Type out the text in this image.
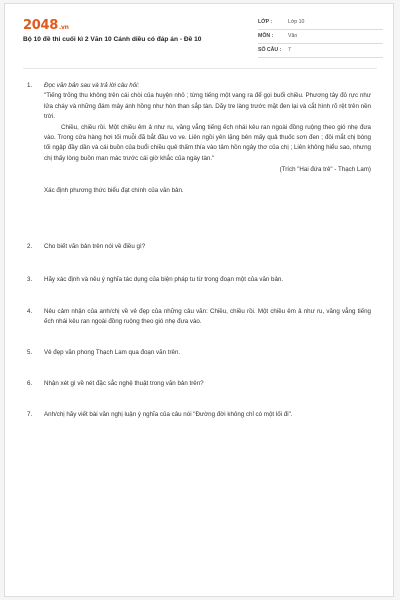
2048.vn
Bộ 10 đề thi cuối kì 2 Văn 10 Cánh diều có đáp án - Đề 10
LỚP :	Lớp 10
MÔN :	Văn
SỐ CÂU : 7
1. Đọc văn bản sau và trả lời câu hỏi:

"Tiếng trống thu không trên cái chòi của huyện nhỏ ; từng tiếng một vang ra để gọi buổi chiều. Phương tây đỏ rực như lửa cháy và những đám mây ánh hồng như hòn than sắp tàn. Dãy tre làng trước mặt đen lại và cắt hình rõ rệt trên nền trời.

Chiều, chiều rồi. Một chiều êm ả như ru, văng vẳng tiếng ếch nhái kêu ran ngoài đồng ruộng theo gió nhẹ đưa vào. Trong cửa hàng hơi tối muỗi đã bắt đầu vo ve. Liên ngồi yên lặng bên mấy quả thuốc sơn đen ; đôi mắt chị bóng tối ngập đầy dần và cái buồn của buổi chiều quê thấm thía vào tâm hồn ngây thơ của chị ; Liên không hiểu sao, nhưng chị thấy lòng buồn man mác trước cái giờ khắc của ngày tàn."

(Trích "Hai đứa trẻ" - Thạch Lam)
Xác định phương thức biểu đạt chính của văn bản.
2. Cho biết văn bản trên nói về điều gì?
3. Hãy xác định và nêu ý nghĩa tác dụng của biện pháp tu từ trong đoạn một của văn bản.
4. Nêu cảm nhận của anh/chị về vẻ đẹp của những câu văn: Chiều, chiều rồi. Một chiều êm ả như ru, văng vẳng tiếng ếch nhái kêu ran ngoài đồng ruộng theo gió nhẹ đưa vào.
5. Vẻ đẹp văn phong Thạch Lam qua đoạn văn trên.
6. Nhận xét gì về nét đặc sắc nghệ thuật trong văn bản trên?
7. Anh/chị hãy viết bài văn nghị luận ý nghĩa của câu nói "Đường đời không chỉ có một lối đi".
